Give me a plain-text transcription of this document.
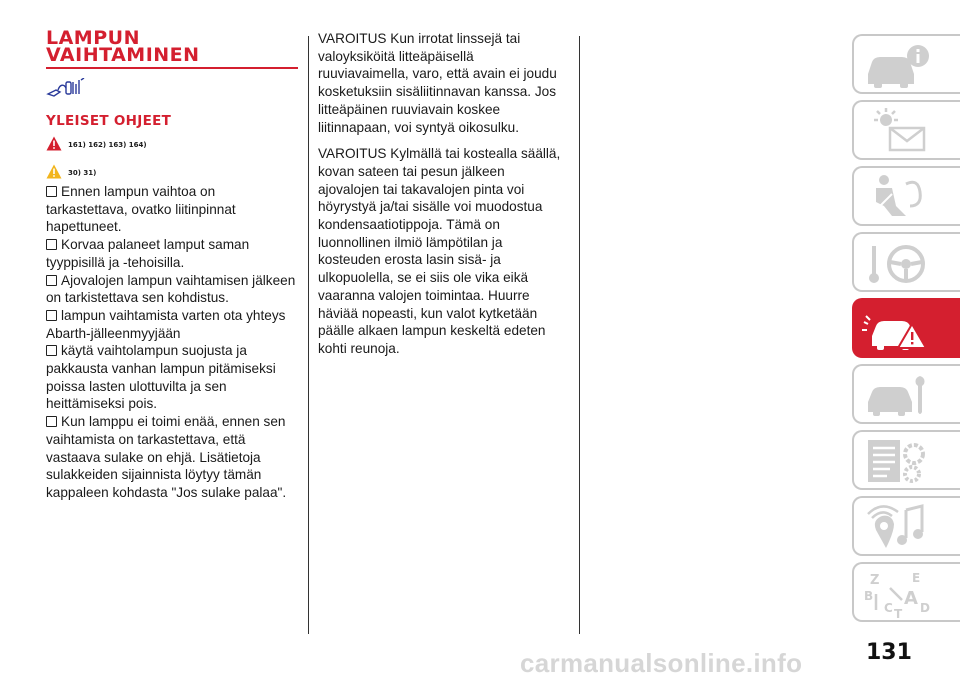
LAMPUN
VAIHTAMINEN
YLEISET OHJEET
161) 162) 163) 164)
30) 31)
Ennen lampun vaihtoa on tarkastettava, ovatko liitinpinnat hapettuneet.
Korvaa palaneet lamput saman tyyppisillä ja -tehoisilla.
Ajovalojen lampun vaihtamisen jälkeen on tarkistettava sen kohdistus.
lampun vaihtamista varten ota yhteys Abarth-jälleenmyyjään
käytä vaihtolampun suojusta ja pakkausta vanhan lampun pitämiseksi poissa lasten ulottuvilta ja sen heittämiseksi pois.
Kun lamppu ei toimi enää, ennen sen vaihtamista on tarkastettava, että vastaava sulake on ehjä. Lisätietoja sulakkeiden sijainnista löytyy tämän kappaleen kohdasta "Jos sulake palaa".

VAROITUS Kun irrotat linssejä tai valoyksiköitä litteäpäisellä ruuviavaimella, varo, että avain ei joudu kosketuksiin sisäliitinnavan kanssa. Jos litteäpäinen ruuviavain koskee liitinnapaan, voi syntyä oikosulku.

VAROITUS Kylmällä tai kostealla säällä, kovan sateen tai pesun jälkeen ajovalojen tai takavalojen pinta voi höyrystyä ja/tai sisälle voi muodostua kondensaatiotippoja. Tämä on luonnollinen ilmiö lämpötilan ja kosteuden erosta lasin sisä- ja ulkopuolella, se ei siis ole vika eikä vaaranna valojen toimintaa. Huurre häviää nopeasti, kun valot kytketään päälle alkaen lampun keskeltä edeten kohti reunoja.

Z	E
B A
C D
T
131
carmanualsonline.info
